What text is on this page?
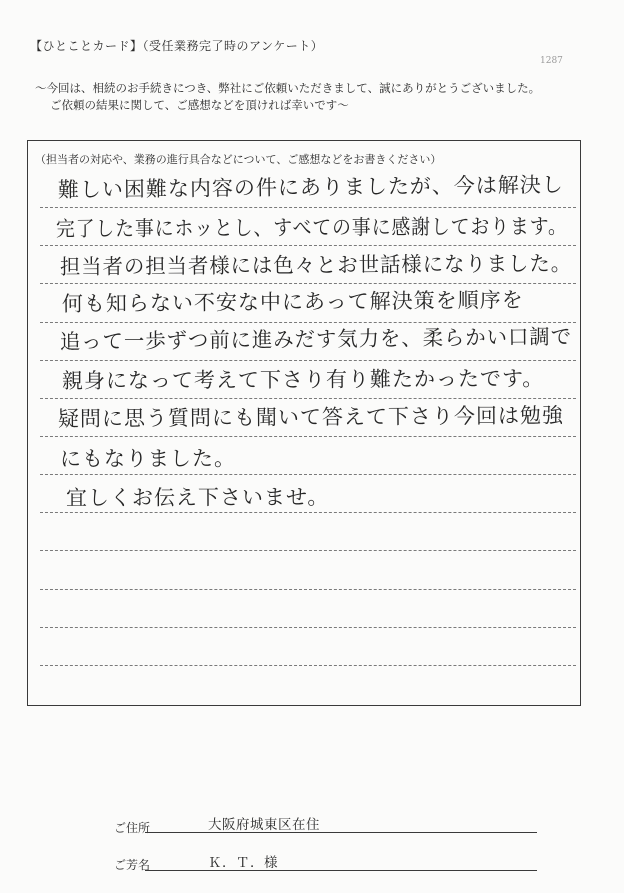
【ひとことカード】（受任業務完了時のアンケート）
1287
〜今回は、相続のお手続きにつき、弊社にご依頼いただきまして、誠にありがとうございました。
ご依頼の結果に関して、ご感想などを頂ければ幸いです〜
（担当者の対応や、業務の進行具合などについて、ご感想などをお書きください）
難しい困難な内容の件にありましたが、今は解決し
完了した事にホッとし、すべての事に感謝しております。
担当者の担当者様には色々とお世話様になりました。
何も知らない不安な中にあって解決策を順序を
追って一歩ずつ前に進みだす気力を、柔らかい口調で
親身になって考えて下さり有り難たかったです。
疑問に思う質問にも聞いて答えて下さり今回は勉強
にもなりました。
宜しくお伝え下さいませ。
ご住所	大阪府城東区在住
ご芳名	Ｋ．Ｔ．様
